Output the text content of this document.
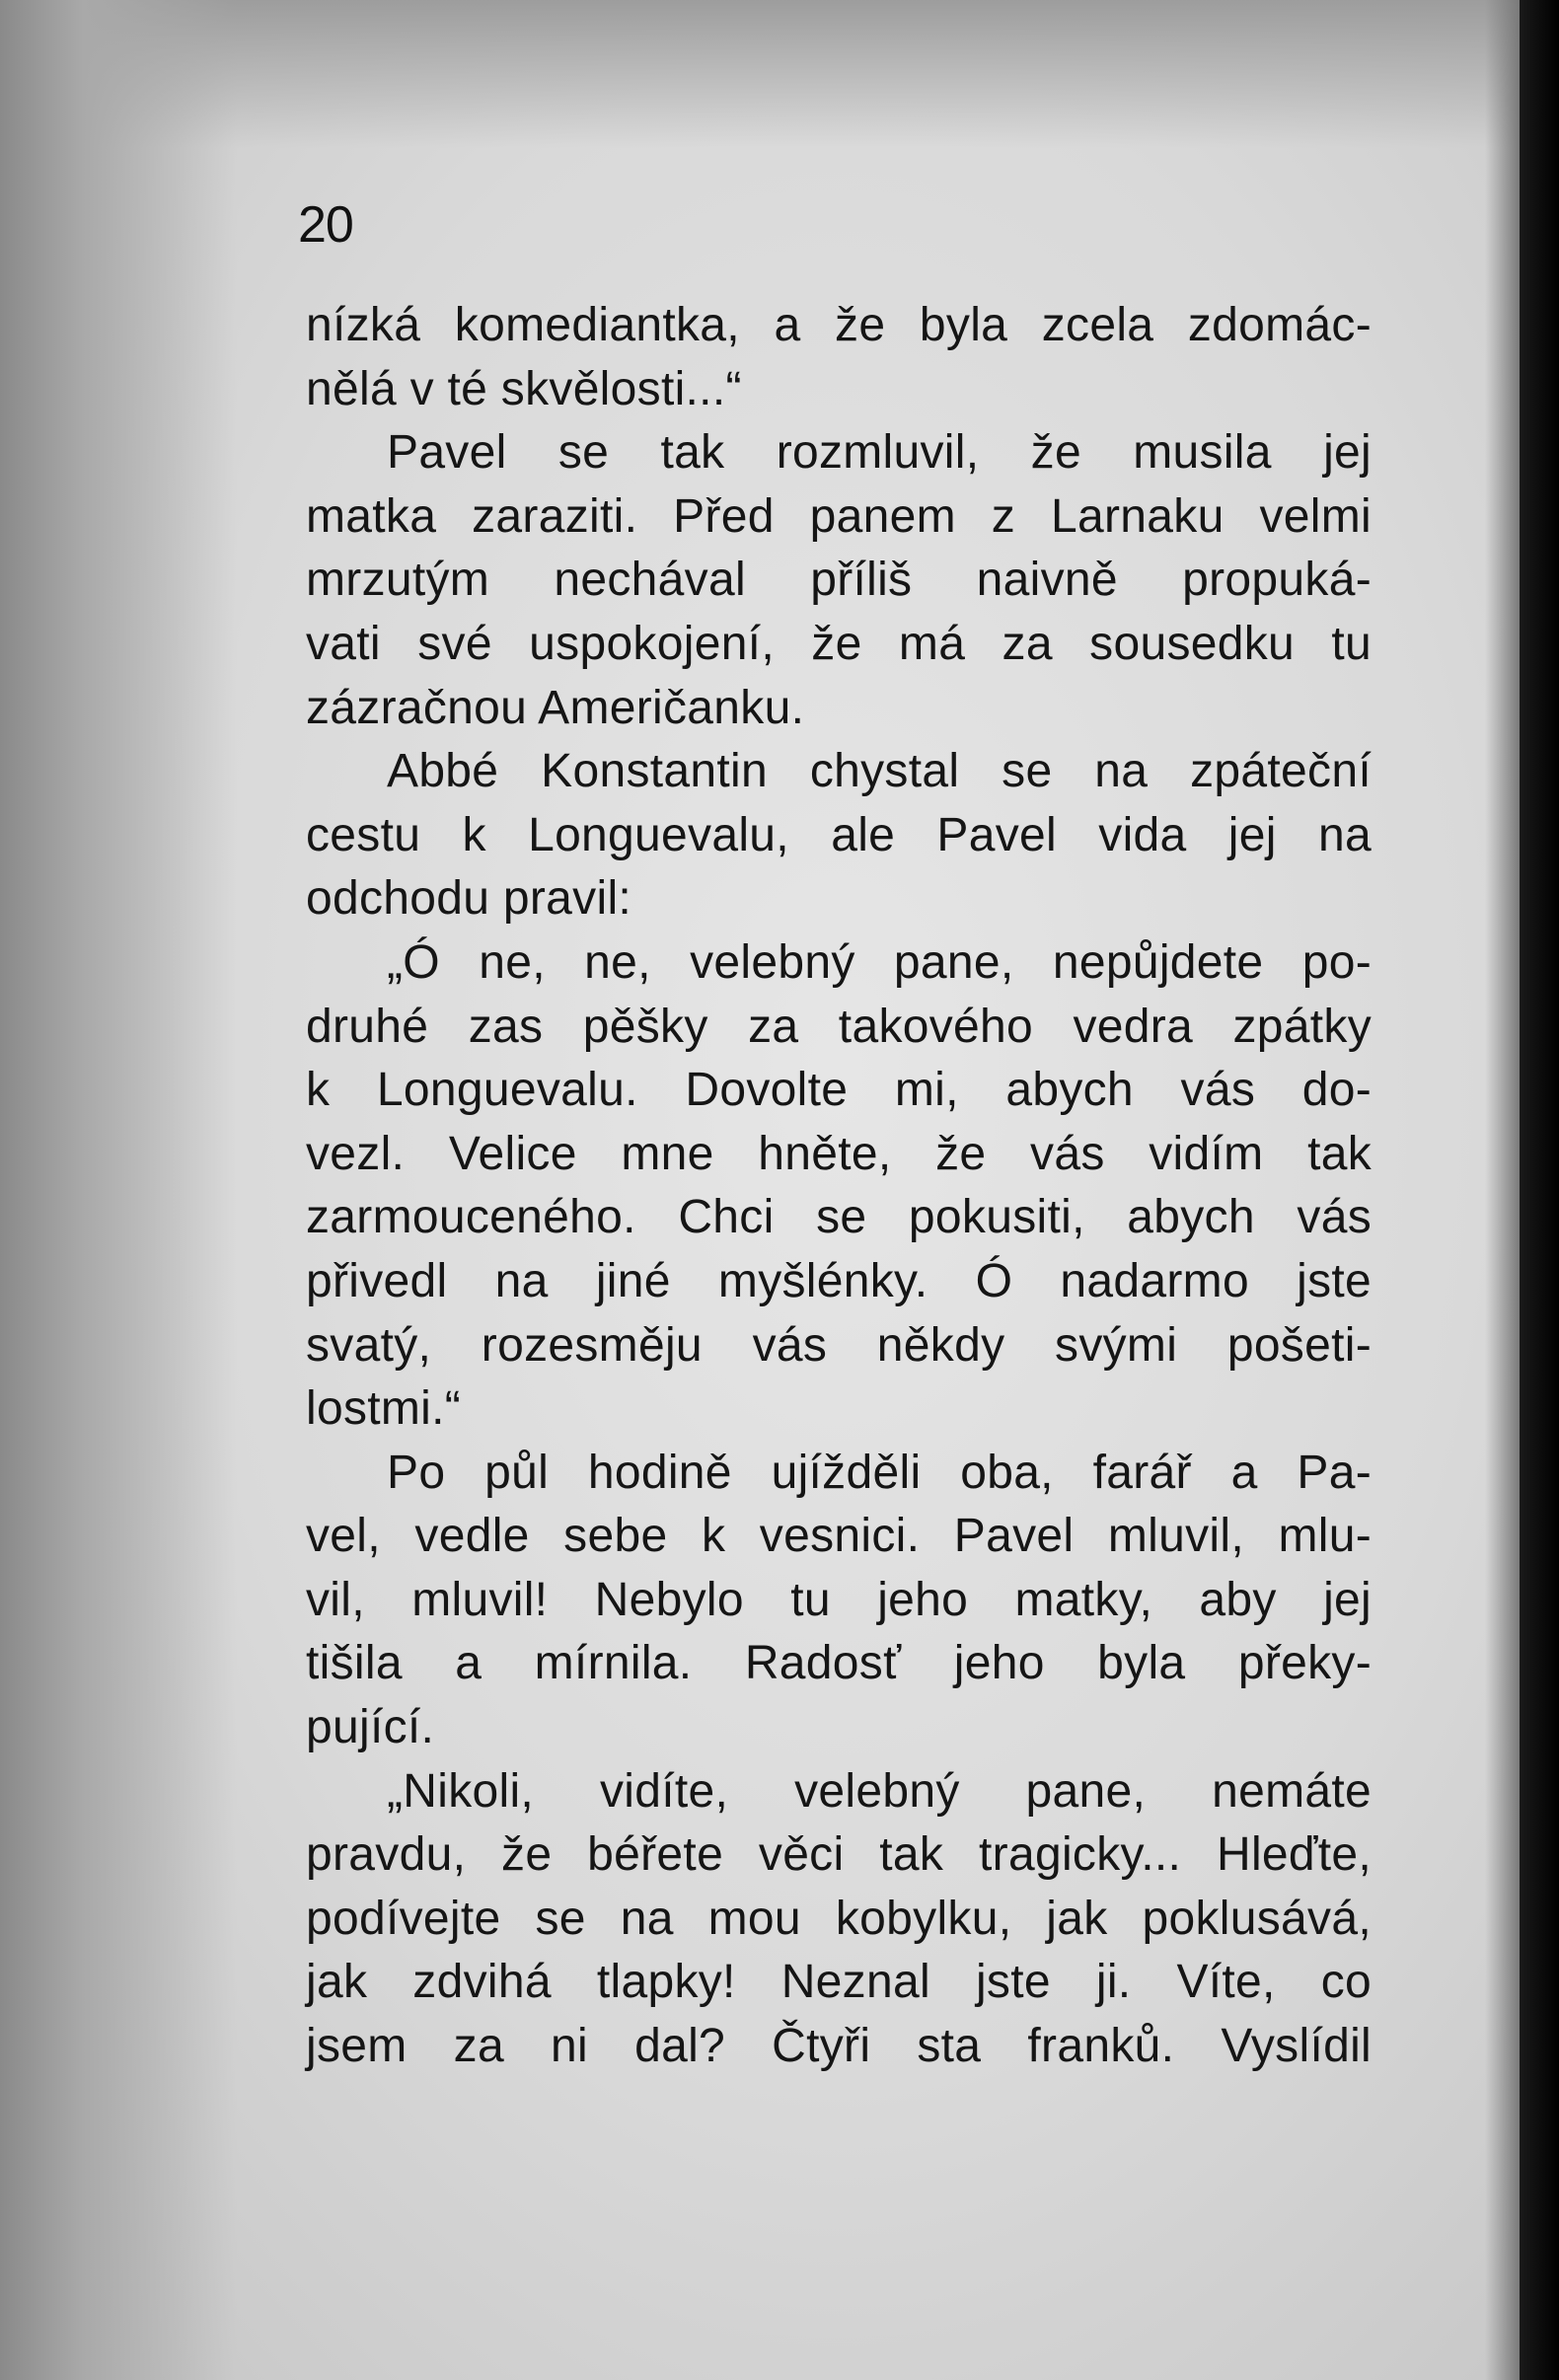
20
nízká komediantka, a že byla zcela zdomác-
nělá v té skvělosti...“
Pavel se tak rozmluvil, že musila jej
matka zaraziti. Před panem z Larnaku velmi
mrzutým nechával příliš naivně propuká-
vati své uspokojení, že má za sousedku tu
zázračnou Američanku.
Abbé Konstantin chystal se na zpáteční
cestu k Longuevalu, ale Pavel vida jej na
odchodu pravil:
„Ó ne, ne, velebný pane, nepůjdete po-
druhé zas pěšky za takového vedra zpátky
k Longuevalu. Dovolte mi, abych vás do-
vezl. Velice mne hněte, že vás vidím tak
zarmouceného. Chci se pokusiti, abych vás
přivedl na jiné myšlénky. Ó nadarmo jste
svatý, rozesměju vás někdy svými pošeti-
lostmi.“
Po půl hodině ujížděli oba, farář a Pa-
vel, vedle sebe k vesnici. Pavel mluvil, mlu-
vil, mluvil! Nebylo tu jeho matky, aby jej
tišila a mírnila. Radosť jeho byla překy-
pující.
„Nikoli, vidíte, velebný pane, nemáte
pravdu, že béřete věci tak tragicky... Hleďte,
podívejte se na mou kobylku, jak poklusává,
jak zdvihá tlapky! Neznal jste ji. Víte, co
jsem za ni dal? Čtyři sta franků. Vyslídil
